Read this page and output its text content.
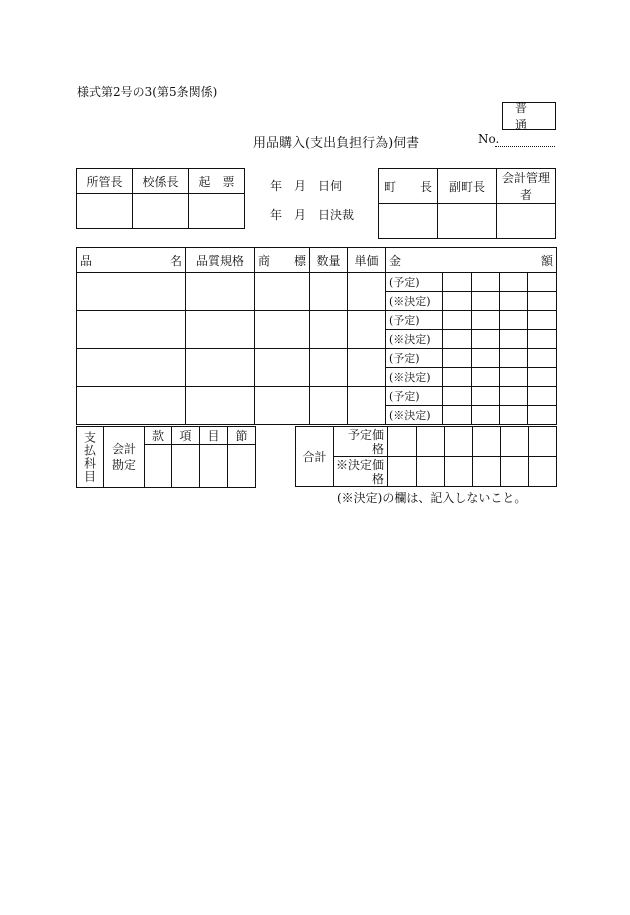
様式第2号の3(第5条関係)
普通
用品購入(支出負担行為)伺書	No.
所管長	校係長	起　票
			年　月　日伺
年　月　日決裁
町　　長	副町長	会計管理者

品 名	品質規格	商　　標	数量	単価	金 額				

					(予定)				
					(※決定)				
					(予定)				
					(※決定)				
					(予定)				
					(※決定)				
					(予定)				
					(※決定)				
支払科目	会計勘定	款	項	目	節

合計	予定価格						

	※決定価格						

(※決定)の欄は、記入しないこと。
